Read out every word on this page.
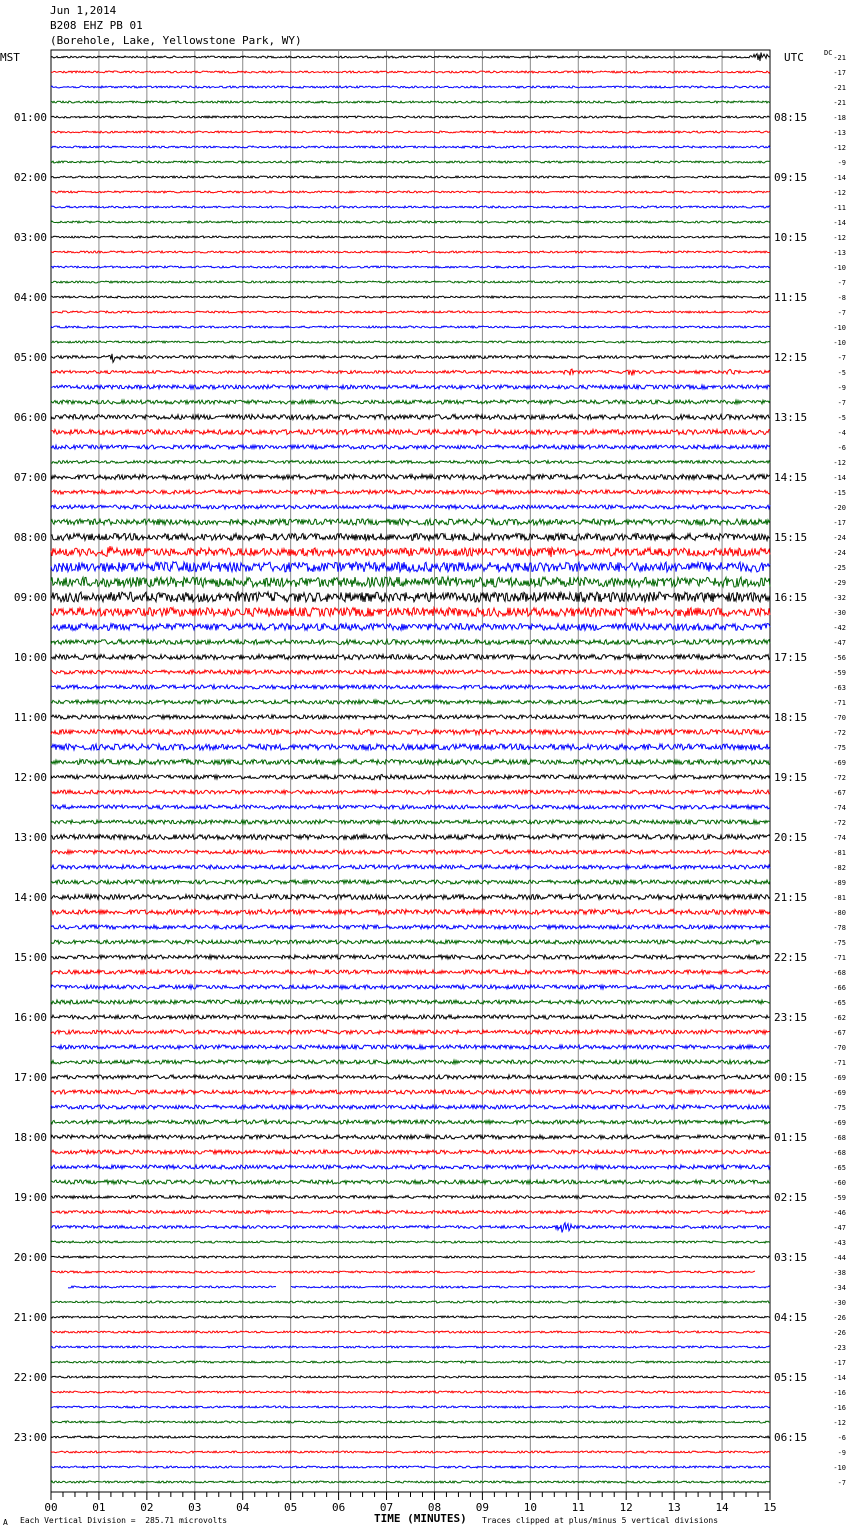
Jun 1,2014
B208 EHZ PB 01
(Borehole, Lake, Yellowstone Park, WY)
MST	UTC	DC
01:00
02:00
03:00
04:00
05:00
06:00
07:00
08:00
09:00
10:00
11:00
12:00
13:00
14:00
15:00
16:00
17:00
18:00
19:00
20:00
21:00
22:00
23:00
08:15
09:15
10:15
11:15
12:15
13:15
14:15
15:15
16:15
17:15
18:15
19:15
20:15
21:15
22:15
23:15
00:15
01:15
02:15
03:15
04:15
05:15
06:15
-21
-17
-21
-21
-18
-13
-12
-9
-14
-12
-11
-14
-12
-13
-10
-7
-8
-7
-10
-10
-7
-5
-9
-7
-5
-4
-6
-12
-14
-15
-20
-17
-24
-24
-25
-29
-32
-30
-42
-47
-56
-59
-63
-71
-70
-72
-75
-69
-72
-67
-74
-72
-74
-81
-82
-89
-81
-80
-78
-75
-71
-68
-66
-65
-62
-67
-70
-71
-69
-69
-75
-69
-68
-68
-65
-60
-59
-46
-47
-43
-44
-38
-34
-30
-26
-26
-23
-17
-14
-16
-16
-12
-6
-9
-10
-7
00	01	02	03	04	05	06	07	08	09	10	11	12	13	14	15
A Each Vertical Division =  285.71 microvolts	TIME (MINUTES) Traces clipped at plus/minus 5 vertical divisions
